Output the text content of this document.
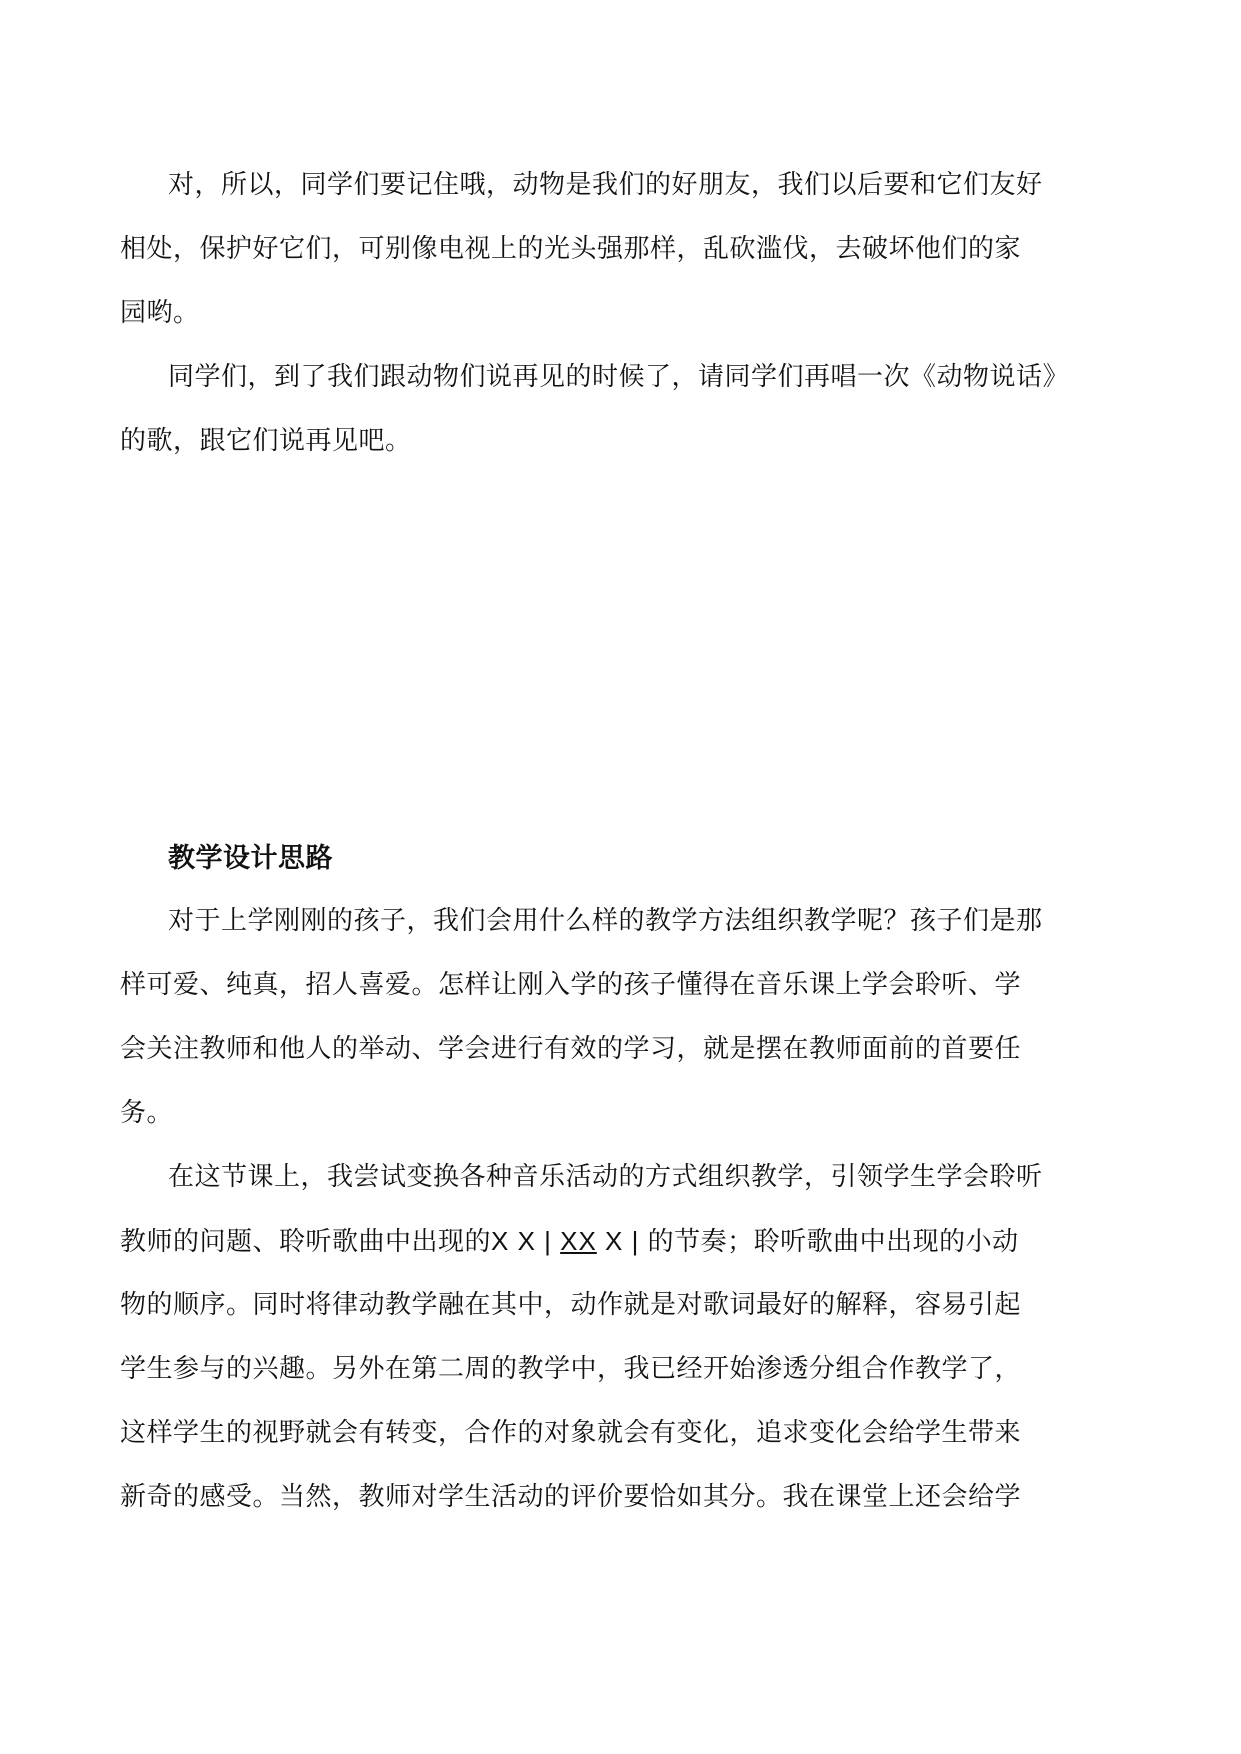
对，所以，同学们要记住哦，动物是我们的好朋友，我们以后要和它们友好
相处，保护好它们，可别像电视上的光头强那样，乱砍滥伐，去破坏他们的家
园哟。
同学们，到了我们跟动物们说再见的时候了，请同学们再唱一次《动物说话》
的歌，跟它们说再见吧。
教学设计思路
对于上学刚刚的孩子，我们会用什么样的教学方法组织教学呢？孩子们是那
样可爱、纯真，招人喜爱。怎样让刚入学的孩子懂得在音乐课上学会聆听、学
会关注教师和他人的举动、学会进行有效的学习，就是摆在教师面前的首要任
务。
在这节课上，我尝试变换各种音乐活动的方式组织教学，引领学生学会聆听
教师的问题、聆听歌曲中出现的X X | XX X | 的节奏；聆听歌曲中出现的小动
物的顺序。同时将律动教学融在其中，动作就是对歌词最好的解释，容易引起
学生参与的兴趣。另外在第二周的教学中，我已经开始渗透分组合作教学了，
这样学生的视野就会有转变，合作的对象就会有变化，追求变化会给学生带来
新奇的感受。当然，教师对学生活动的评价要恰如其分。我在课堂上还会给学
